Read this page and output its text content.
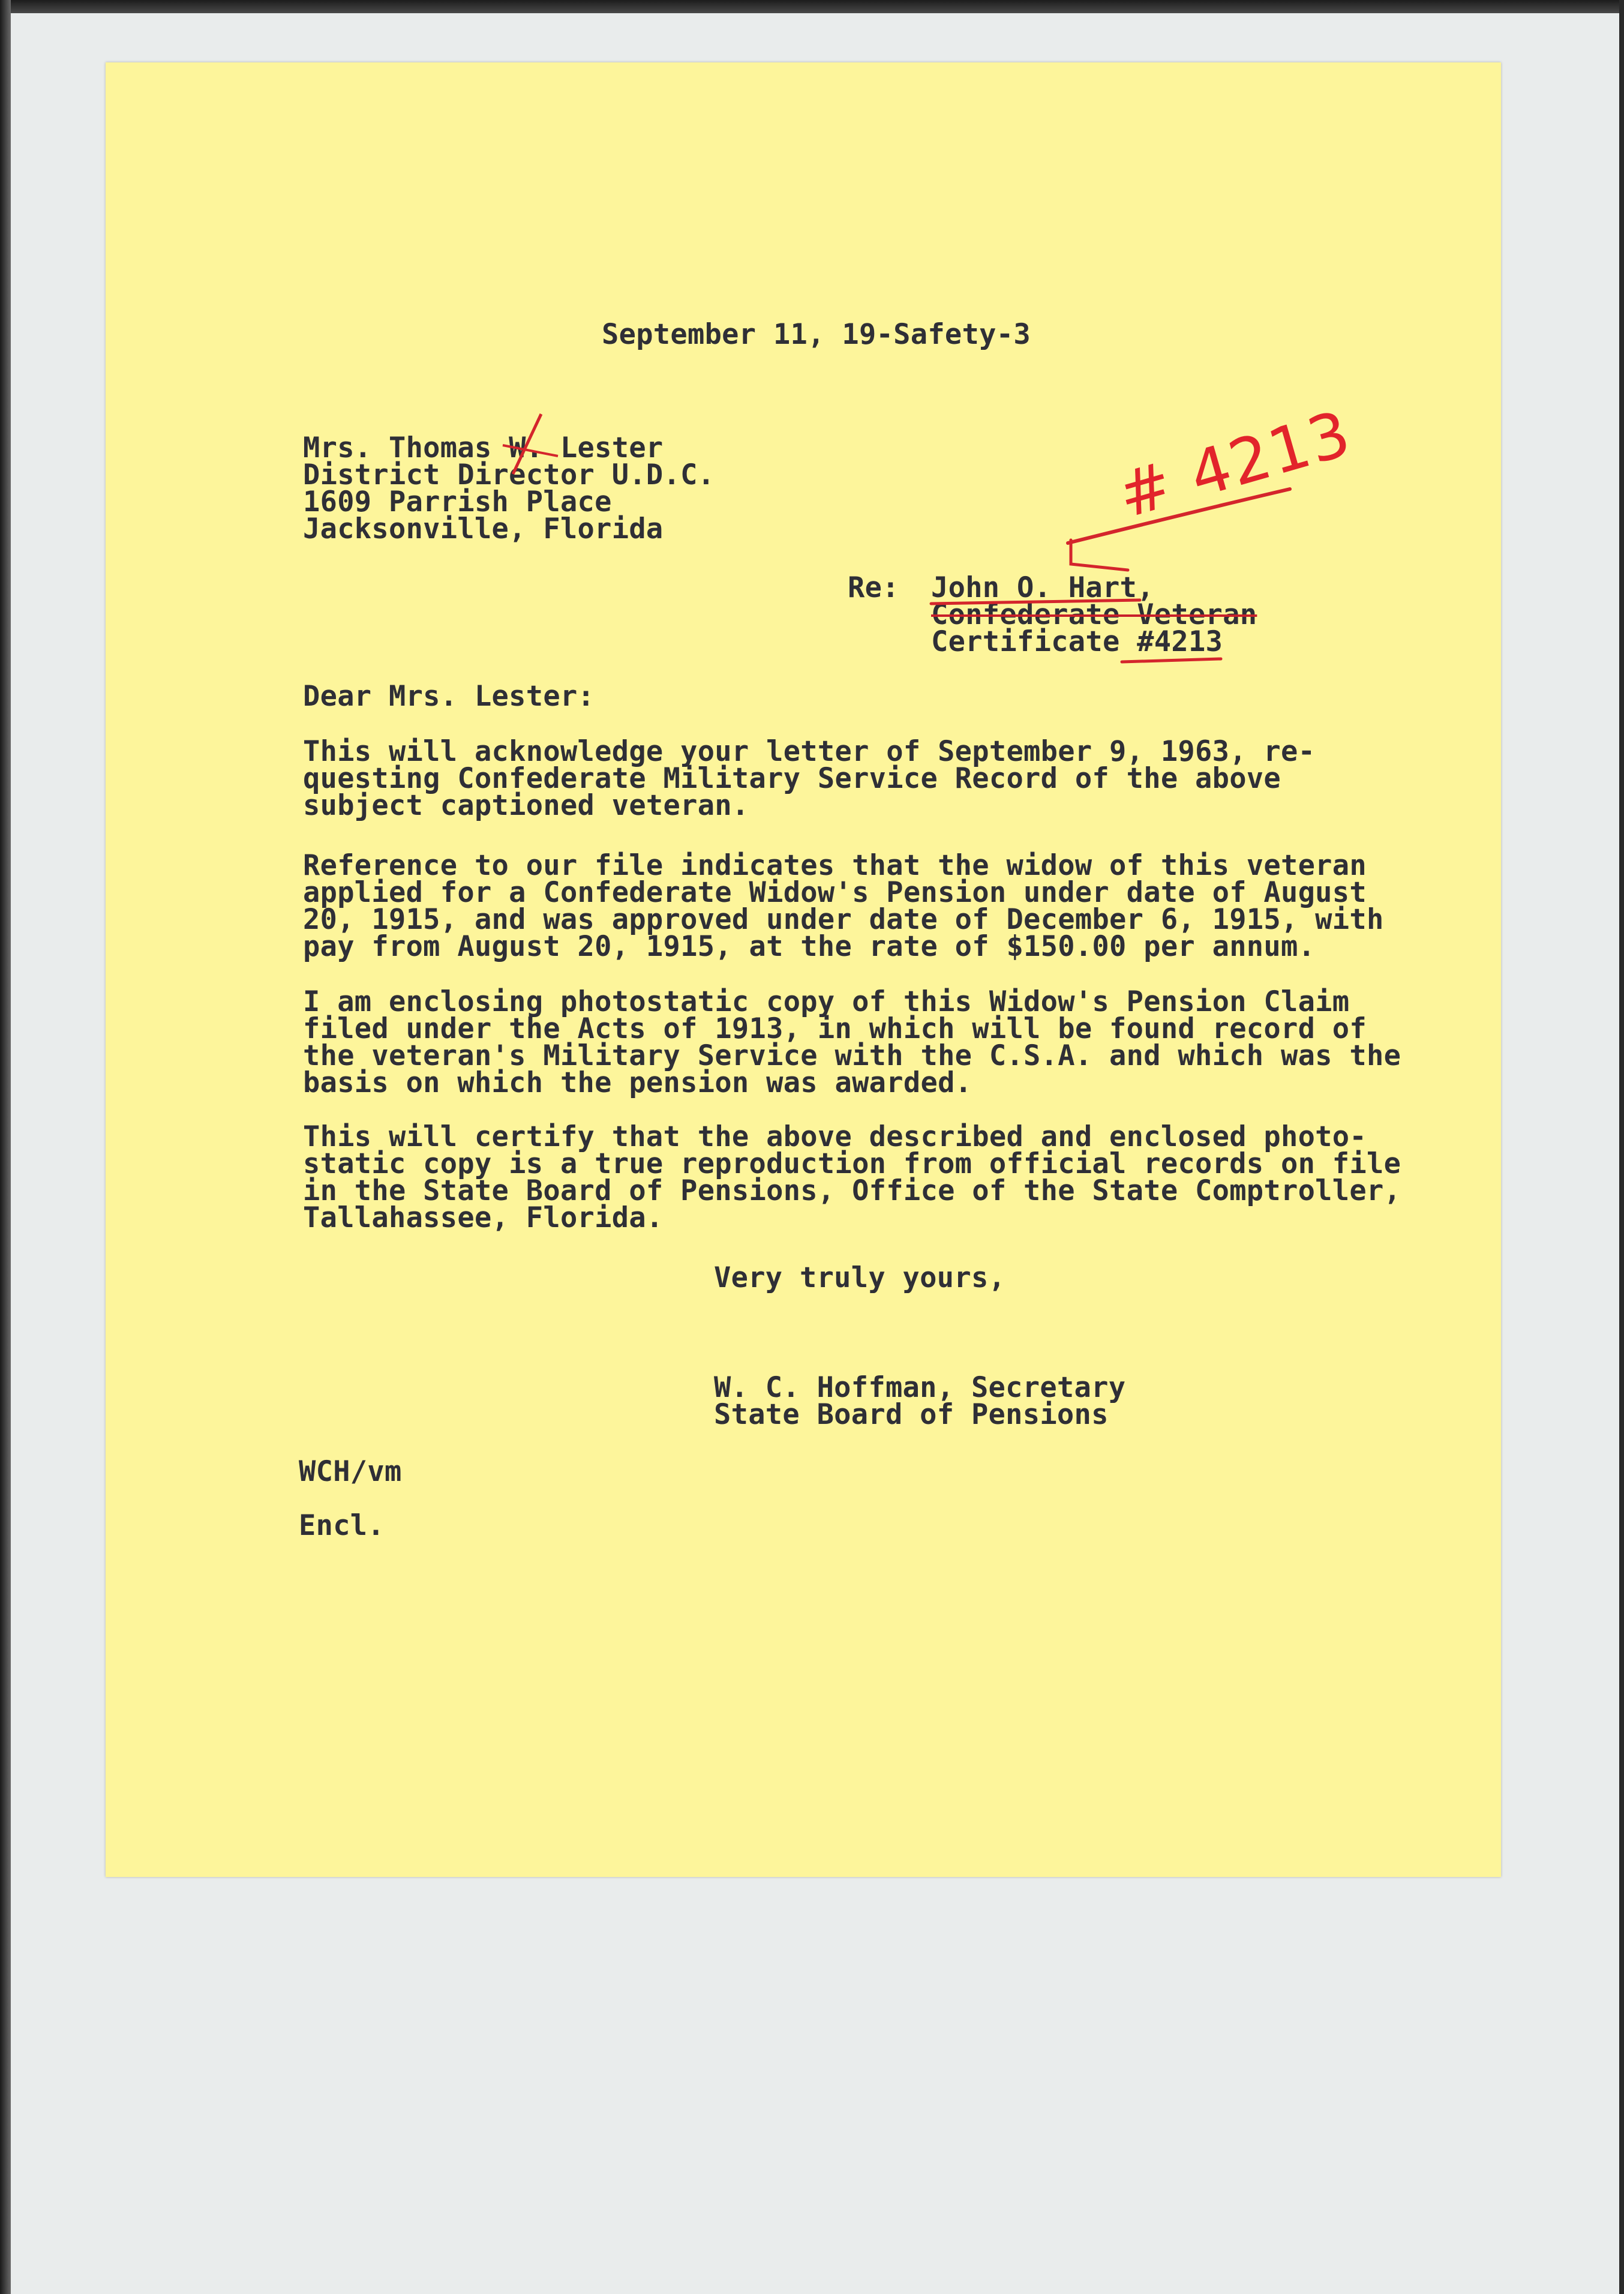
September 11, 19-Safety-3
Mrs. Thomas W. Lester
District Director U.D.C.
1609 Parrish Place
Jacksonville, Florida
Re: John O. Hart,
Confederate Veteran
Certificate #4213
Dear Mrs. Lester:
This will acknowledge your letter of September 9, 1963, re-
questing Confederate Military Service Record of the above
subject captioned veteran.
Reference to our file indicates that the widow of this veteran
applied for a Confederate Widow's Pension under date of August
20, 1915, and was approved under date of December 6, 1915, with
pay from August 20, 1915, at the rate of $150.00 per annum.
I am enclosing photostatic copy of this Widow's Pension Claim
filed under the Acts of 1913, in which will be found record of
the veteran's Military Service with the C.S.A. and which was the
basis on which the pension was awarded.
This will certify that the above described and enclosed photo-
static copy is a true reproduction from official records on file
in the State Board of Pensions, Office of the State Comptroller,
Tallahassee, Florida.
Very truly yours,
W. C. Hoffman, Secretary
State Board of Pensions
WCH/vm
Encl.
# 4213
